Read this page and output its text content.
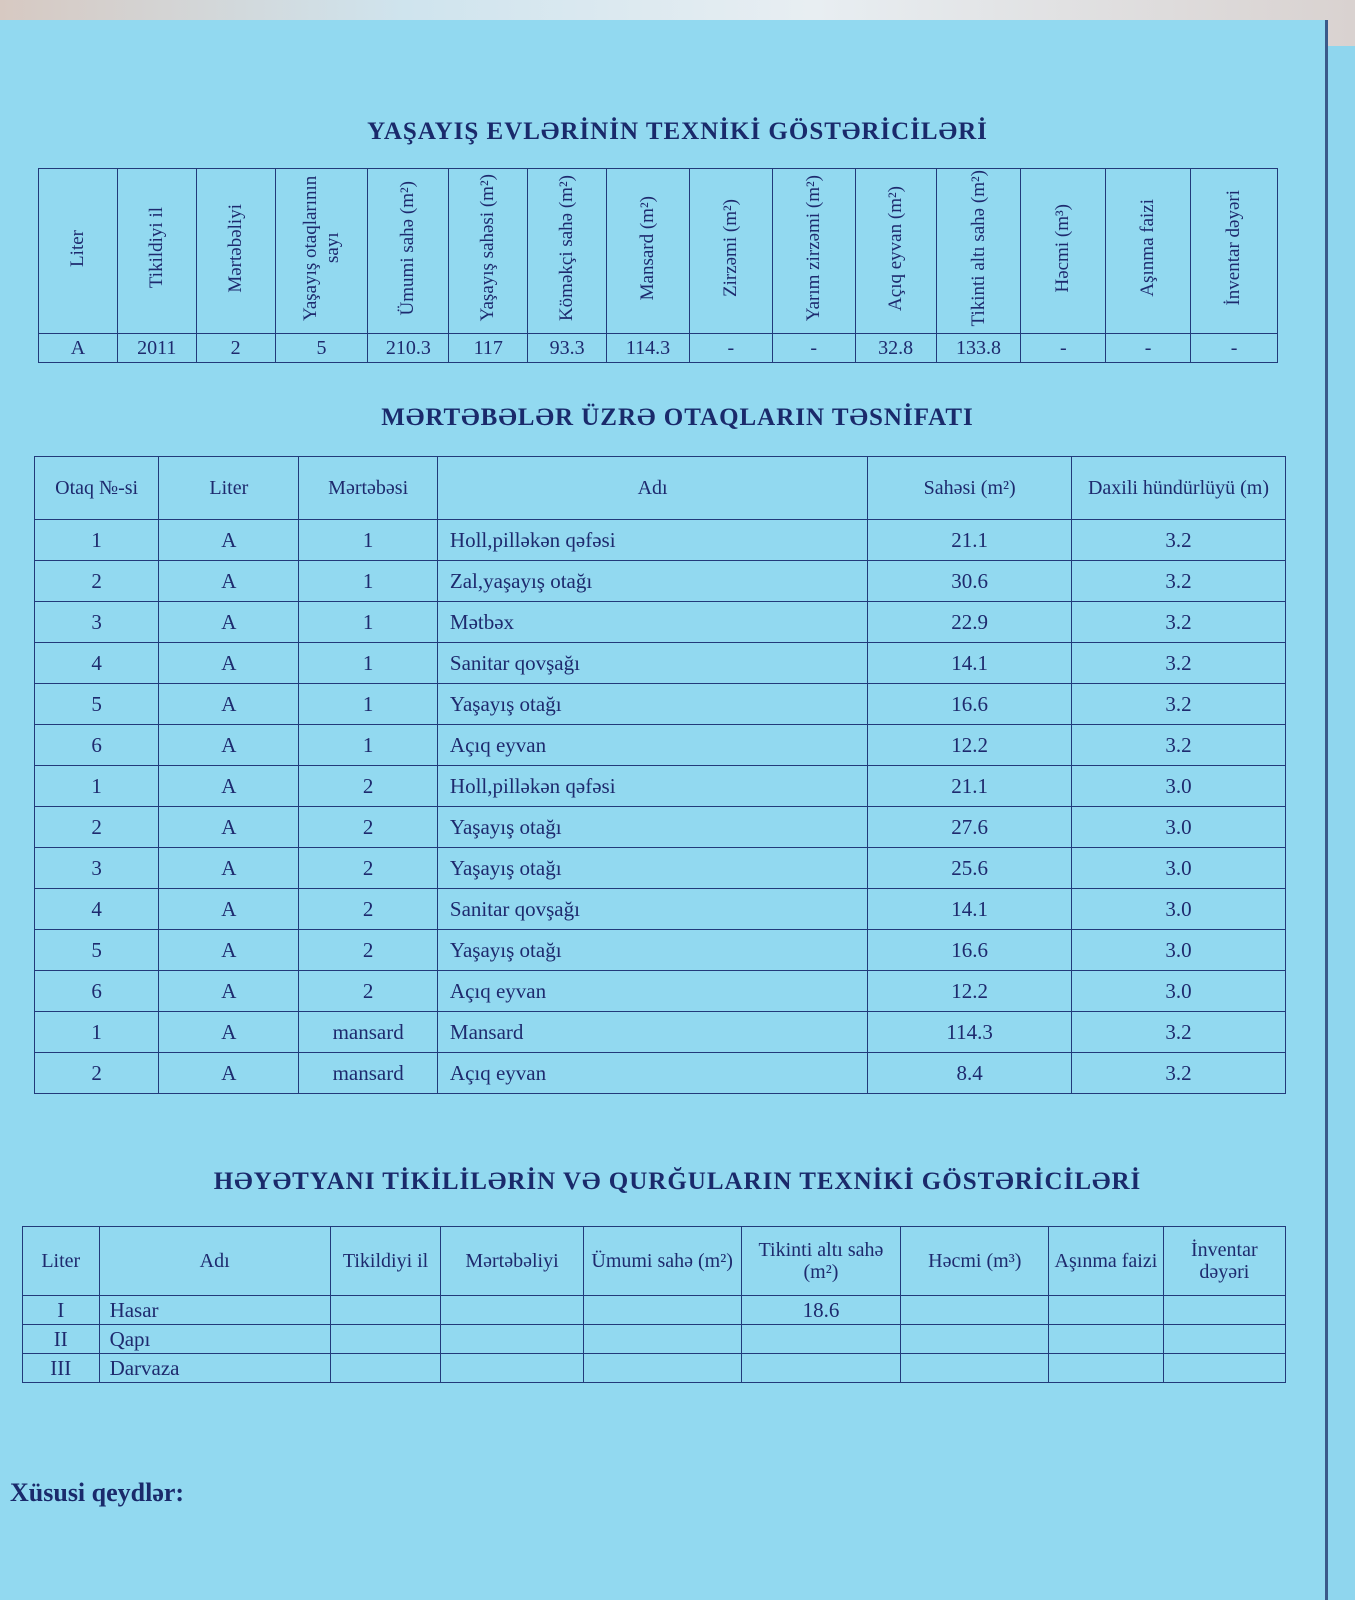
YAŞAYIŞ EVLƏRİNİN TEXNİKİ GÖSTƏRİCİLƏRİ
Liter	Tikildiyi il	Mərtəbəliyi	Yaşayış otaqlarının sayı	Ümumi sahə (m²)	Yaşayış sahəsi (m²)	Köməkçi sahə (m²)	Mansard (m²)	Zirzəmi (m²)	Yarım zirzəmi (m²)	Açıq eyvan (m²)	Tikinti altı sahə (m²)	Həcmi (m³)	Aşınma faizi	İnventar dəyəri
A	2011	2	5	210.3	117	93.3	114.3	-	-	32.8	133.8	-	-	-
MƏRTƏBƏLƏR ÜZRƏ OTAQLARIN TƏSNİFATI
Otaq №-si	Liter	Mərtəbəsi	Adı	Sahəsi (m²)	Daxili hündürlüyü (m)
1	A	1	Holl,pilləkən qəfəsi	21.1	3.2
2	A	1	Zal,yaşayış otağı	30.6	3.2
3	A	1	Mətbəx	22.9	3.2
4	A	1	Sanitar qovşağı	14.1	3.2
5	A	1	Yaşayış otağı	16.6	3.2
6	A	1	Açıq eyvan	12.2	3.2
1	A	2	Holl,pilləkən qəfəsi	21.1	3.0
2	A	2	Yaşayış otağı	27.6	3.0
3	A	2	Yaşayış otağı	25.6	3.0
4	A	2	Sanitar qovşağı	14.1	3.0
5	A	2	Yaşayış otağı	16.6	3.0
6	A	2	Açıq eyvan	12.2	3.0
1	A	mansard	Mansard	114.3	3.2
2	A	mansard	Açıq eyvan	8.4	3.2
HƏYƏTYANI TİKİLİLƏRİN VƏ QURĞULARIN TEXNİKİ GÖSTƏRİCİLƏRİ
Liter	Adı	Tikildiyi il	Mərtəbəliyi	Ümumi sahə (m²)	Tikinti altı sahə (m²)	Həcmi (m³)	Aşınma faizi	İnventar dəyəri
I	Hasar				18.6			
II	Qapı							
III	Darvaza							
Xüsusi qeydlər:
